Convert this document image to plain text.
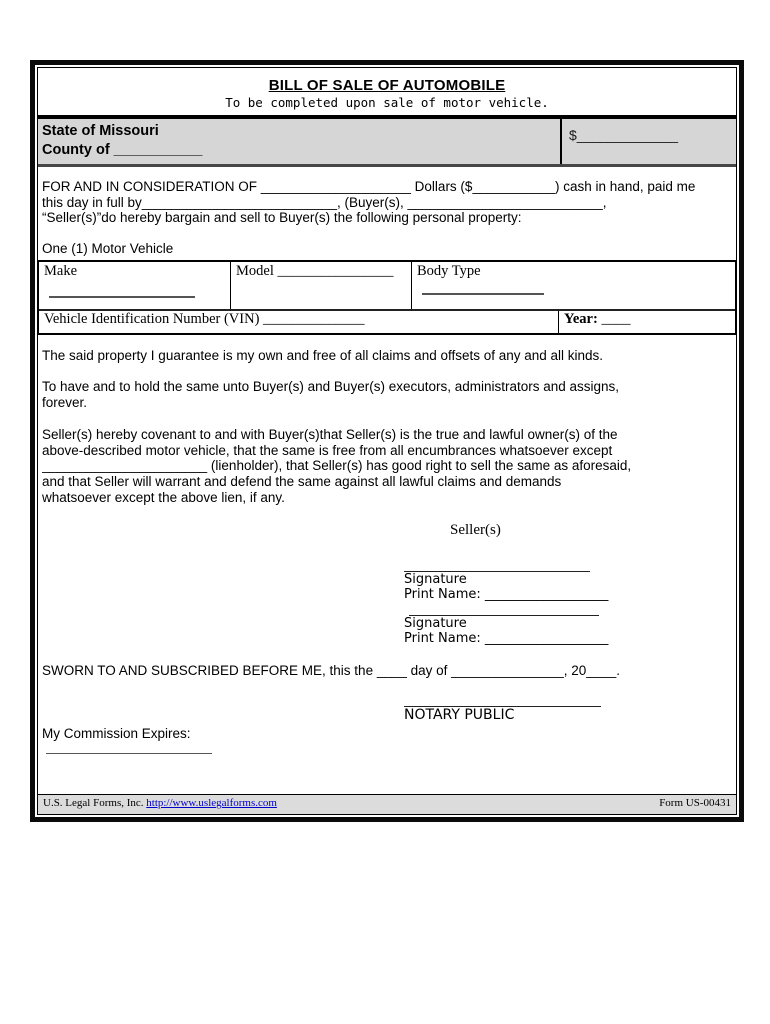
BILL OF SALE OF AUTOMOBILE
To be completed upon sale of motor vehicle.
State of Missouri
County of ___________
$_____________
FOR AND IN CONSIDERATION OF ____________________ Dollars ($___________) cash in hand, paid me
this day in full by__________________________, (Buyer(s), __________________________,
“Seller(s)”do hereby bargain and sell to Buyer(s) the following personal property:
One (1) Motor Vehicle
Make	Model ________________	Body Type
Vehicle Identification Number (VIN) ______________	Year: ____
The said property I guarantee is my own and free of all claims and offsets of any and all kinds.
To have and to hold the same unto Buyer(s) and Buyer(s) executors, administrators and assigns,
forever.
Seller(s) hereby covenant to and with Buyer(s)that Seller(s) is the true and lawful owner(s) of the
above-described motor vehicle, that the same is free from all encumbrances whatsoever except
______________________ (lienholder), that Seller(s) has good right to sell the same as aforesaid,
and that Seller will warrant and defend the same against all lawful claims and demands
whatsoever except the above lien, if any.
Seller(s)
Signature
Print Name: ___________________
Signature
Print Name: ___________________
SWORN TO AND SUBSCRIBED BEFORE ME, this the ____ day of _______________, 20____.
NOTARY PUBLIC
My Commission Expires:
U.S. Legal Forms, Inc. http://www.uslegalforms.com	Form US-00431
